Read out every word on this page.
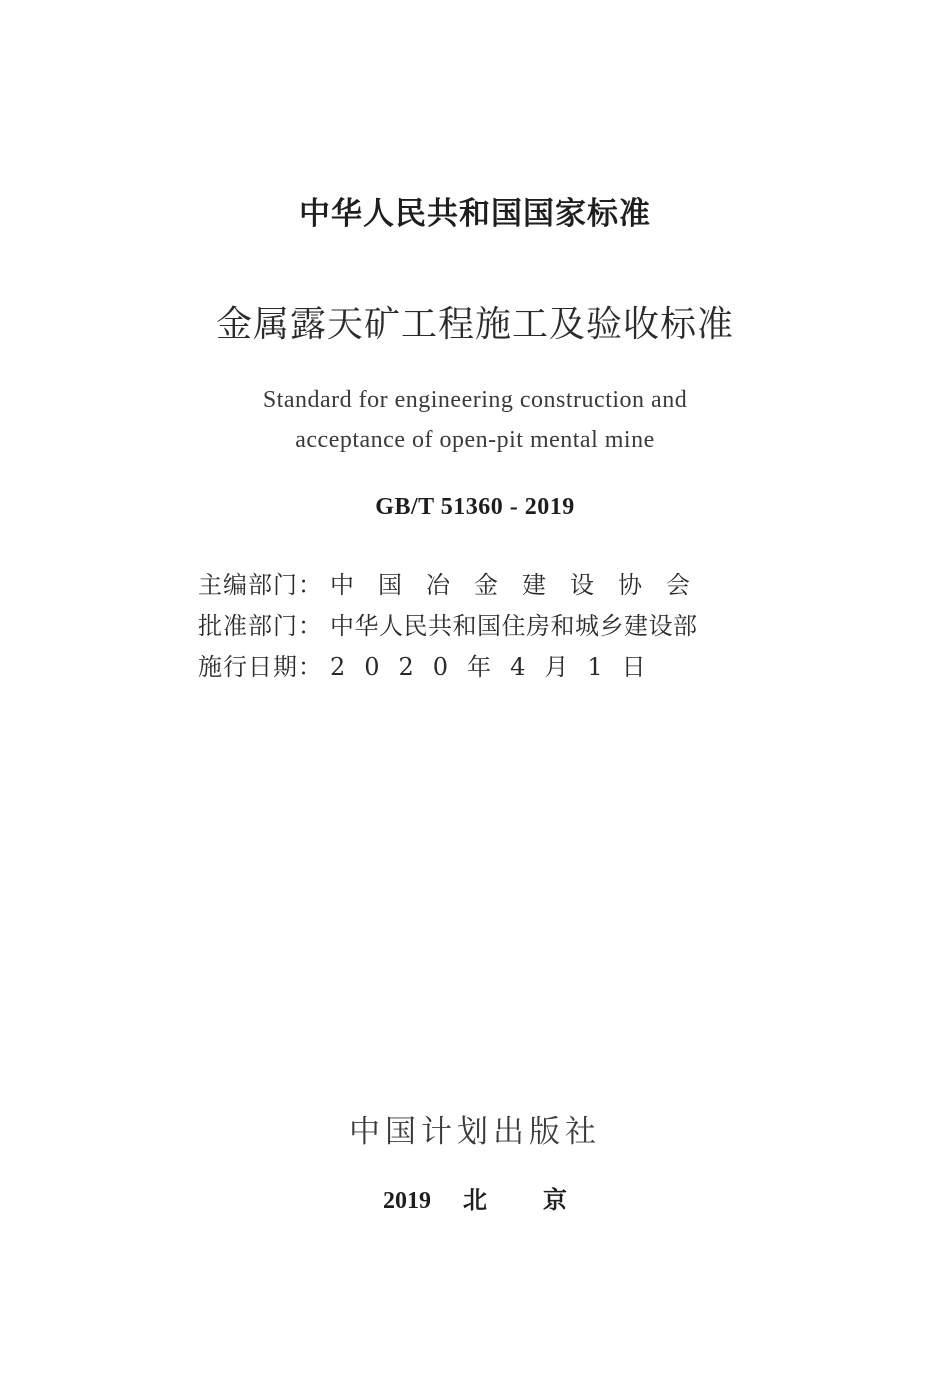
中华人民共和国国家标准
金属露天矿工程施工及验收标准
Standard for engineering construction and
acceptance of open-pit mental mine
GB/T 51360 - 2019
主编部门： 中国冶金建设协会
批准部门： 中华人民共和国住房和城乡建设部
施行日期： 2020年4月1日
中国计划出版社
2019 北京
